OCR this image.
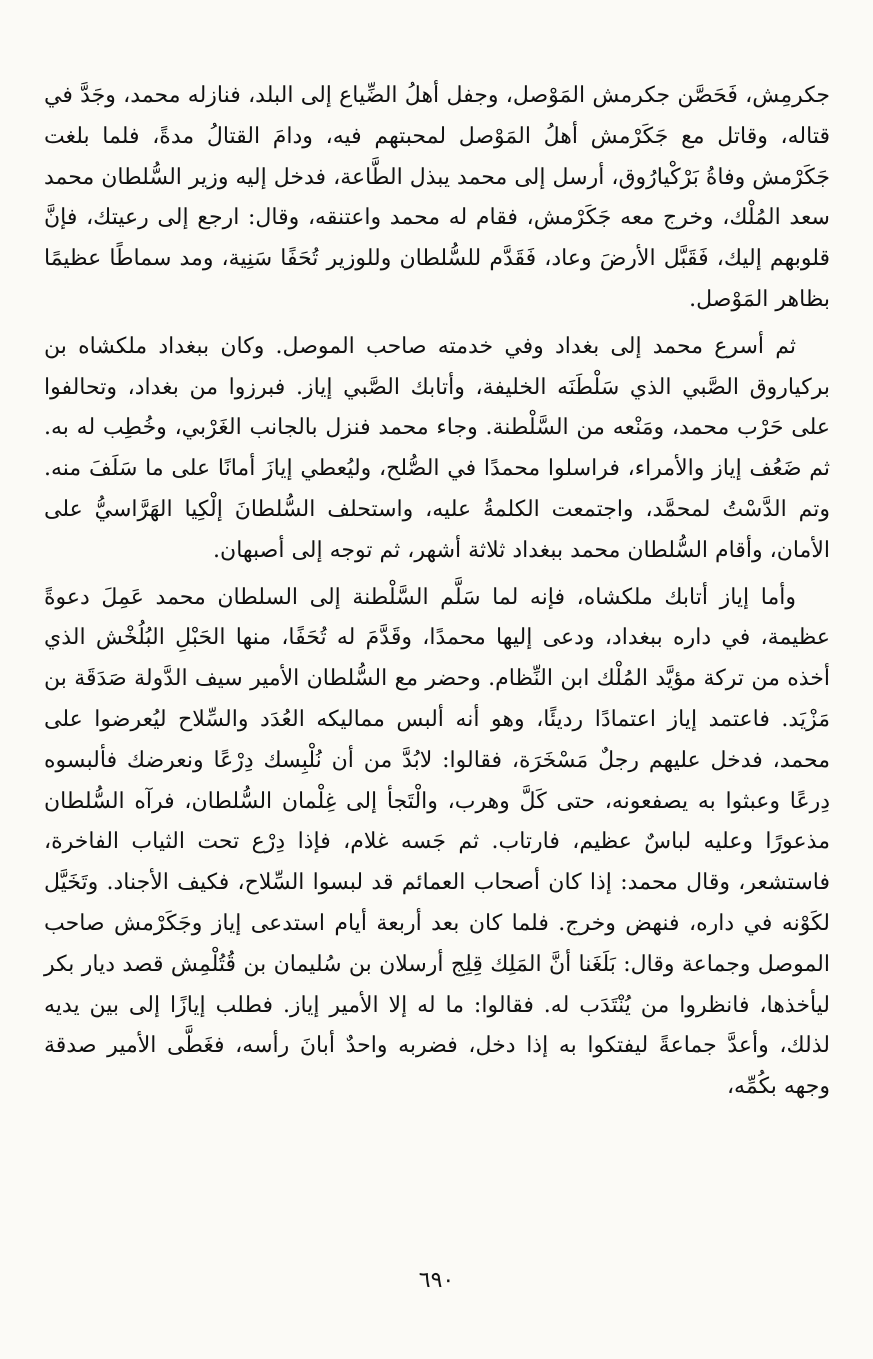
جكرمِش، فَحَصَّن جكرمش المَوْصل، وجفل أهلُ الضِّياع إلى البلد، فنازله محمد، وجَدَّ في قتاله، وقاتل مع جَكَرْمش أهلُ المَوْصل لمحبتهم فيه، ودامَ القتالُ مدةً، فلما بلغت جَكَرْمش وفاةُ بَرْكْيارُوق، أرسل إلى محمد يبذل الطَّاعة، فدخل إليه وزير السُّلطان محمد سعد المُلْك، وخرج معه جَكَرْمش، فقام له محمد واعتنقه، وقال: ارجع إلى رعيتك، فإنَّ قلوبهم إليك، فَقَبَّل الأرضَ وعاد، فَقَدَّم للسُّلطان وللوزير تُحَفًا سَنِية، ومد سماطًا عظيمًا بظاهر المَوْصل.

ثم أسرع محمد إلى بغداد وفي خدمته صاحب الموصل. وكان ببغداد ملكشاه بن بركياروق الصَّبي الذي سَلْطَنَه الخليفة، وأتابك الصَّبي إياز. فبرزوا من بغداد، وتحالفوا على حَرْب محمد، ومَنْعه من السَّلْطنة. وجاء محمد فنزل بالجانب الغَرْبي، وخُطِب له به. ثم ضَعُف إياز والأمراء، فراسلوا محمدًا في الصُّلح، وليُعطي إيازَ أمانًا على ما سَلَفَ منه. وتم الدَّسْتُ لمحمَّد، واجتمعت الكلمةُ عليه، واستحلف السُّلطانَ إلْكِيا الهَرَّاسيُّ على الأمان، وأقام السُّلطان محمد ببغداد ثلاثة أشهر، ثم توجه إلى أصبهان.

وأما إياز أتابك ملكشاه، فإنه لما سَلَّم السَّلْطنة إلى السلطان محمد عَمِلَ دعوةً عظيمة، في داره ببغداد، ودعى إليها محمدًا، وقَدَّمَ له تُحَفًا، منها الحَبْلِ البُلُخْش الذي أخذه من تركة مؤيَّد المُلْك ابن النِّظام. وحضر مع السُّلطان الأمير سيف الدَّولة صَدَقَة بن مَزْيَد. فاعتمد إياز اعتمادًا رديئًا، وهو أنه ألبس مماليكه العُدَد والسِّلاح ليُعرضوا على محمد، فدخل عليهم رجلٌ مَسْخَرَة، فقالوا: لابُدَّ من أن نُلْبِسك دِرْعًا ونعرضك فألبسوه دِرعًا وعبثوا به يصفعونه، حتى كَلَّ وهرب، والْتَجأ إلى غِلْمان السُّلطان، فرآه السُّلطان مذعورًا وعليه لباسٌ عظيم، فارتاب. ثم جَسه غلام، فإذا دِرْع تحت الثياب الفاخرة، فاستشعر، وقال محمد: إذا كان أصحاب العمائم قد لبسوا السِّلاح، فكيف الأجناد. وتَخَيَّل لكَوْنه في داره، فنهض وخرج. فلما كان بعد أربعة أيام استدعى إياز وجَكَرْمش صاحب الموصل وجماعة وقال: بَلَغَنا أنَّ المَلِك قِلِج أرسلان بن سُليمان بن قُتُلْمِش قصد ديار بكر ليأخذها، فانظروا من يُنْتَدَب له. فقالوا: ما له إلا الأمير إياز. فطلب إيازًا إلى بين يديه لذلك، وأعدَّ جماعةً ليفتكوا به إذا دخل، فضربه واحدٌ أبانَ رأسه، فغَطَّى الأمير صدقة وجهه بكُمِّه،

٦٩٠
